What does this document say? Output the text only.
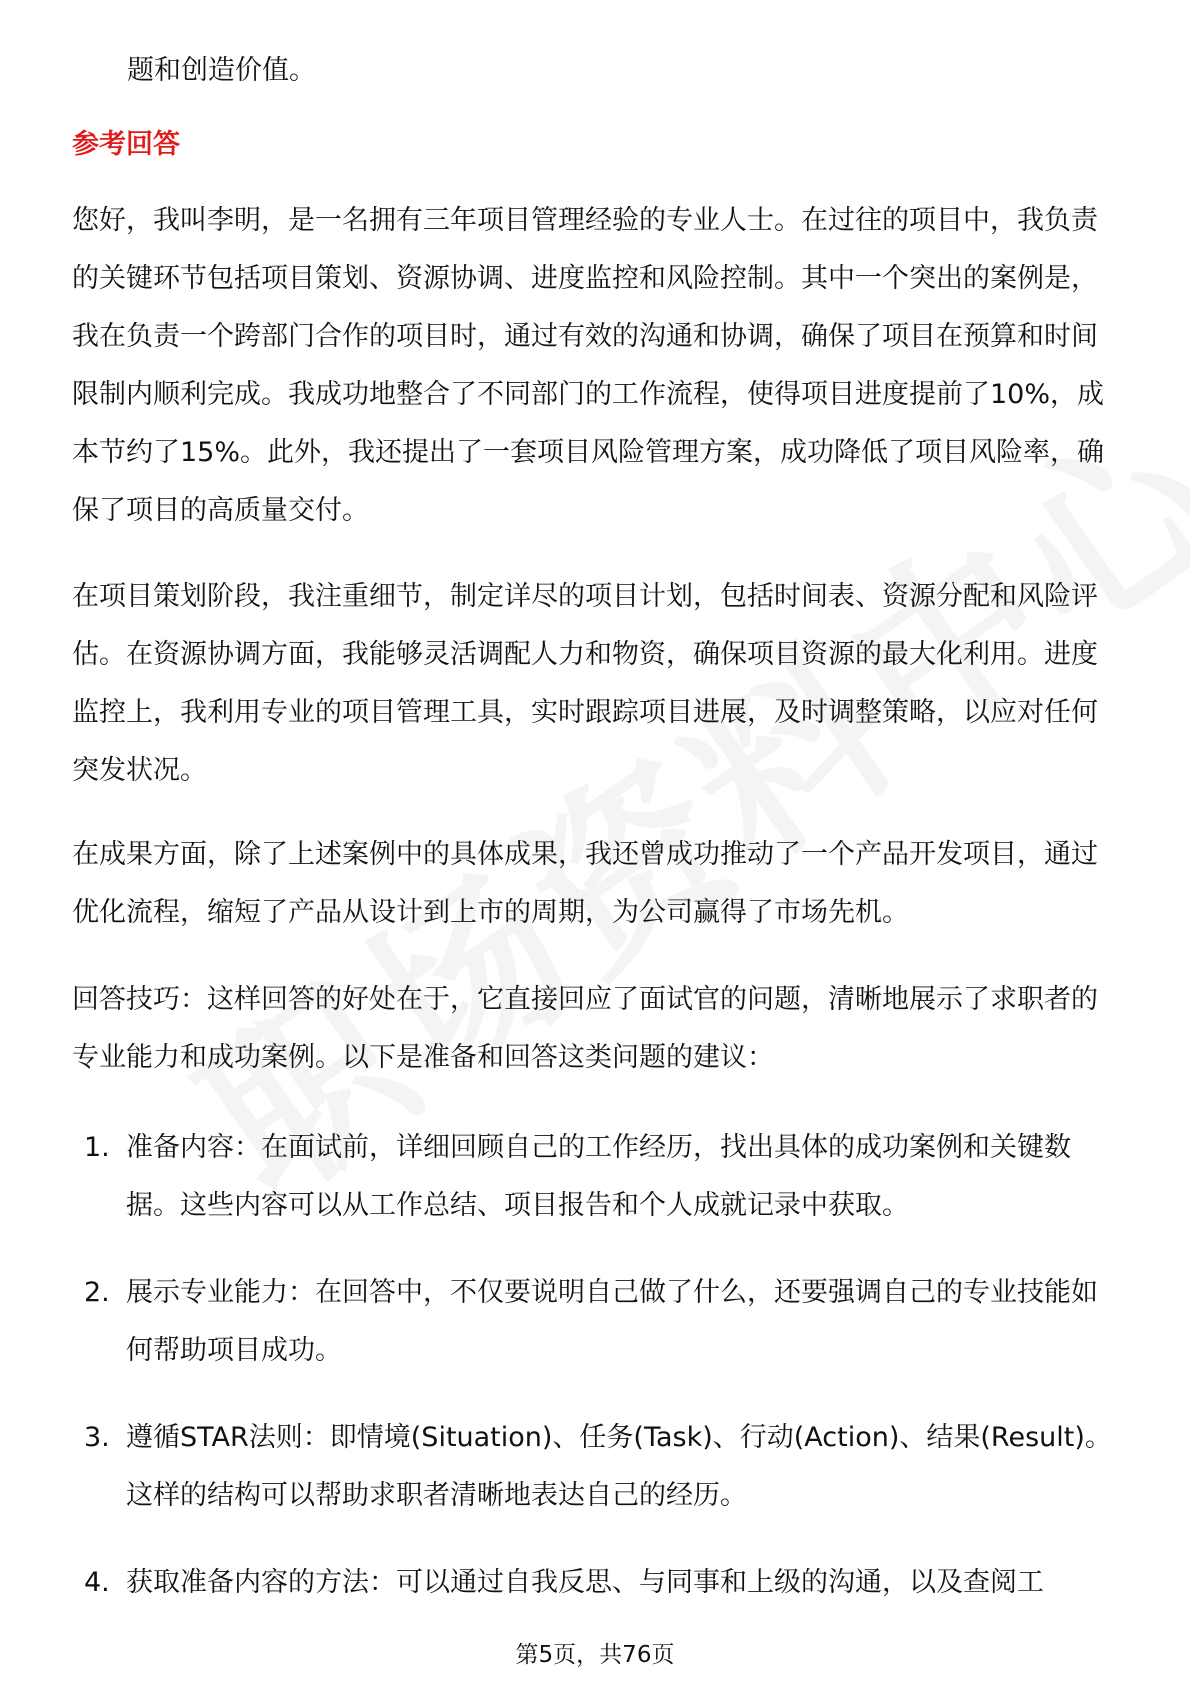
题和创造价值。
参考回答
您好，我叫李明，是一名拥有三年项目管理经验的专业人士。在过往的项目中，我负责的关键环节包括项目策划、资源协调、进度监控和风险控制。其中一个突出的案例是，我在负责一个跨部门合作的项目时，通过有效的沟通和协调，确保了项目在预算和时间限制内顺利完成。我成功地整合了不同部门的工作流程，使得项目进度提前了10%，成本节约了15%。此外，我还提出了一套项目风险管理方案，成功降低了项目风险率，确保了项目的高质量交付。
在项目策划阶段，我注重细节，制定详尽的项目计划，包括时间表、资源分配和风险评估。在资源协调方面，我能够灵活调配人力和物资，确保项目资源的最大化利用。进度监控上，我利用专业的项目管理工具，实时跟踪项目进展，及时调整策略，以应对任何突发状况。
在成果方面，除了上述案例中的具体成果，我还曾成功推动了一个产品开发项目，通过优化流程，缩短了产品从设计到上市的周期，为公司赢得了市场先机。
回答技巧：这样回答的好处在于，它直接回应了面试官的问题，清晰地展示了求职者的专业能力和成功案例。以下是准备和回答这类问题的建议：
1. 准备内容：在面试前，详细回顾自己的工作经历，找出具体的成功案例和关键数据。这些内容可以从工作总结、项目报告和个人成就记录中获取。
2. 展示专业能力：在回答中，不仅要说明自己做了什么，还要强调自己的专业技能如何帮助项目成功。
3. 遵循STAR法则：即情境(Situation)、任务(Task)、行动(Action)、结果(Result)。这样的结构可以帮助求职者清晰地表达自己的经历。
4. 获取准备内容的方法：可以通过自我反思、与同事和上级的沟通，以及查阅工
第5页，共76页
